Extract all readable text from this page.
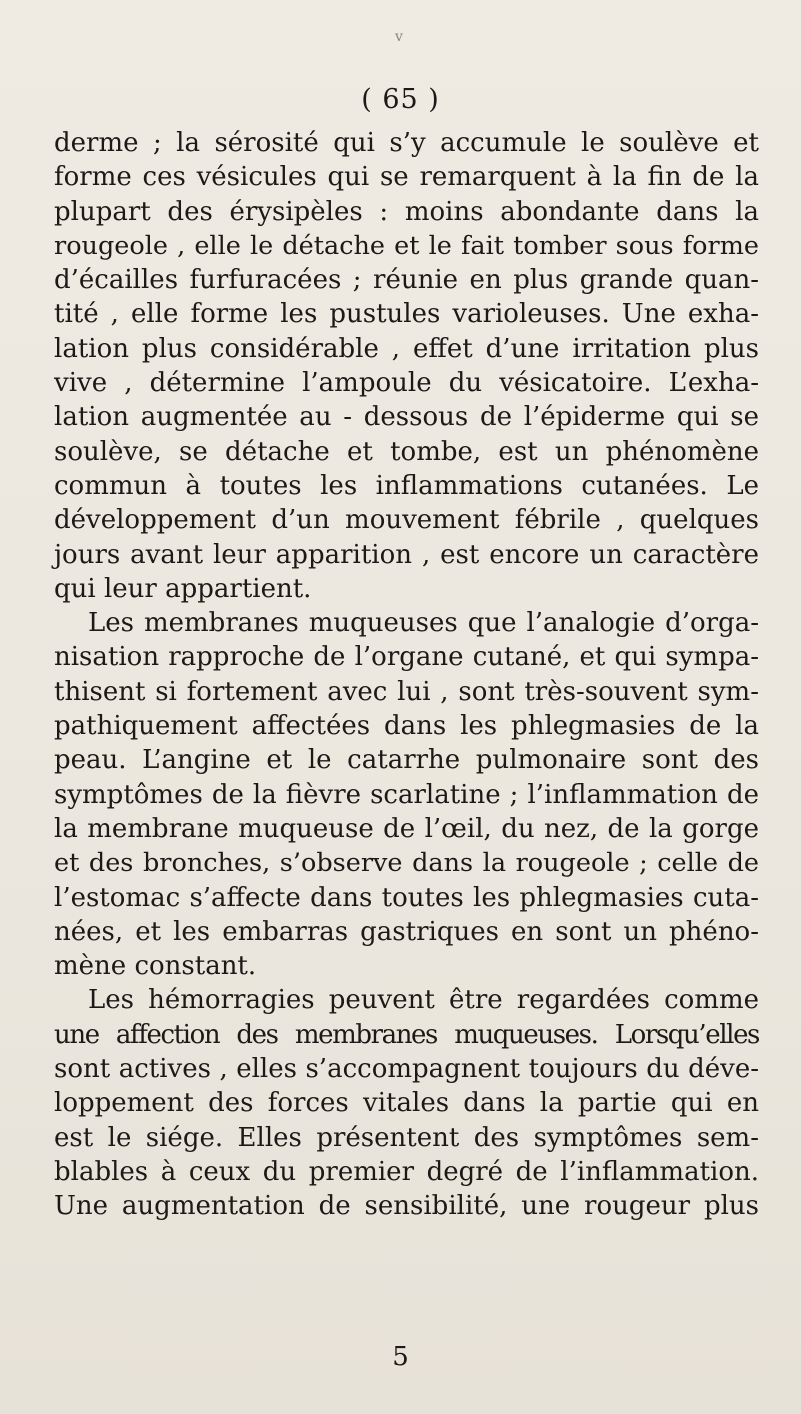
v
( 65 )
derme ; la sérosité qui s’y accumule le soulève et
forme ces vésicules qui se remarquent à la fin de la
plupart des érysipèles : moins abondante dans la
rougeole , elle le détache et le fait tomber sous forme
d’écailles furfuracées ; réunie en plus grande quan-
tité , elle forme les pustules varioleuses. Une exha-
lation plus considérable , effet d’une irritation plus
vive , détermine l’ampoule du vésicatoire. L’exha-
lation augmentée au - dessous de l’épiderme qui se
soulève, se détache et tombe, est un phénomène
commun à toutes les inflammations cutanées. Le
développement d’un mouvement fébrile , quelques
jours avant leur apparition , est encore un caractère
qui leur appartient.
Les membranes muqueuses que l’analogie d’orga-
nisation rapproche de l’organe cutané, et qui sympa-
thisent si fortement avec lui , sont très-souvent sym-
pathiquement affectées dans les phlegmasies de la
peau. L’angine et le catarrhe pulmonaire sont des
symptômes de la fièvre scarlatine ; l’inflammation de
la membrane muqueuse de l’œil, du nez, de la gorge
et des bronches, s’observe dans la rougeole ; celle de
l’estomac s’affecte dans toutes les phlegmasies cuta-
nées, et les embarras gastriques en sont un phéno-
mène constant.
Les hémorragies peuvent être regardées comme
une affection des membranes muqueuses. Lorsqu’elles
sont actives , elles s’accompagnent toujours du déve-
loppement des forces vitales dans la partie qui en
est le siége. Elles présentent des symptômes sem-
blables à ceux du premier degré de l’inflammation.
Une augmentation de sensibilité, une rougeur plus
5
